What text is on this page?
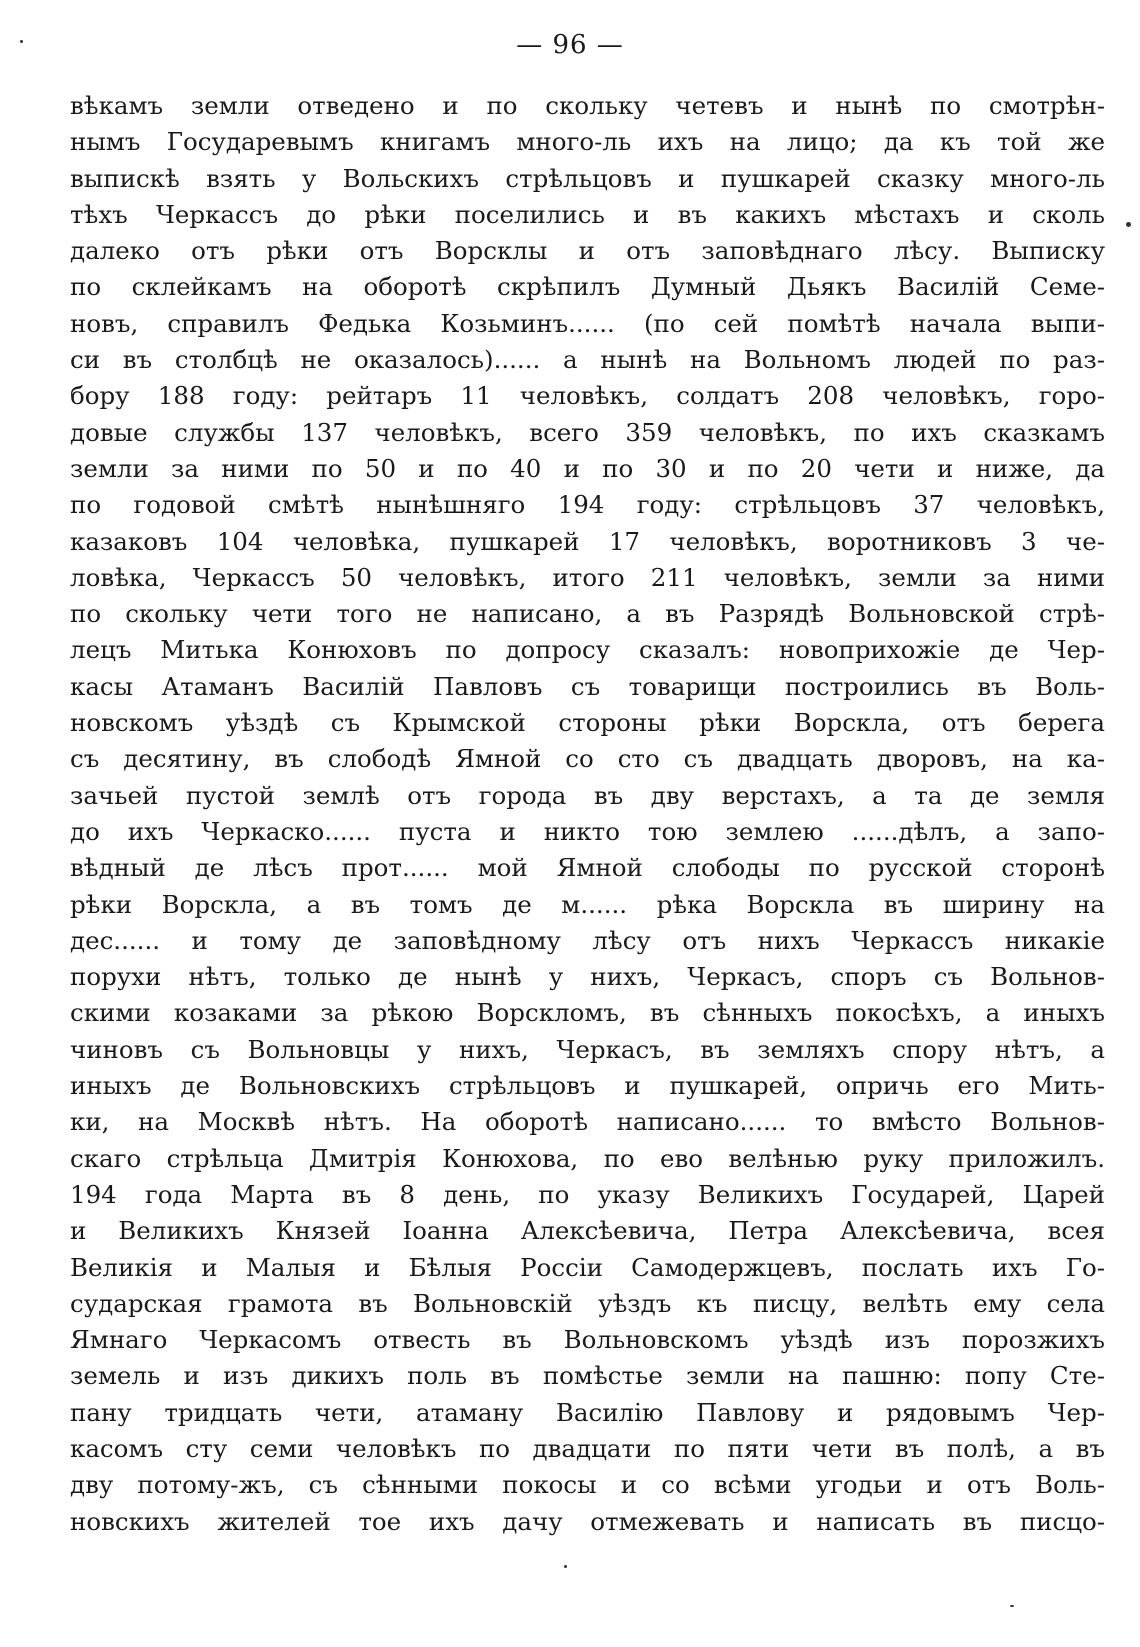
— 96 —
вѣкамъ земли отведено и по скольку четевъ и нынѣ по смотрѣн-
нымъ Государевымъ книгамъ много-ль ихъ на лицо; да къ той же
выпискѣ взять у Вольскихъ стрѣльцовъ и пушкарей сказку много-ль
тѣхъ Черкассъ до рѣки поселились и въ какихъ мѣстахъ и сколь
далеко отъ рѣки отъ Ворсклы и отъ заповѣднаго лѣсу. Выписку
по склейкамъ на оборотѣ скрѣпилъ Думный Дьякъ Василій Семе-
новъ, справилъ Федька Козьминъ...... (по сей помѣтѣ начала выпи-
си въ столбцѣ не оказалось)...... а нынѣ на Вольномъ людей по раз-
бору 188 году: рейтаръ 11 человѣкъ, солдатъ 208 человѣкъ, горо-
довые службы 137 человѣкъ, всего 359 человѣкъ, по ихъ сказкамъ
земли за ними по 50 и по 40 и по 30 и по 20 чети и ниже, да
по годовой смѣтѣ нынѣшняго 194 году: стрѣльцовъ 37 человѣкъ,
казаковъ 104 человѣка, пушкарей 17 человѣкъ, воротниковъ 3 че-
ловѣка, Черкассъ 50 человѣкъ, итого 211 человѣкъ, земли за ними
по скольку чети того не написано, а въ Разрядѣ Вольновской стрѣ-
лецъ Митька Конюховъ по допросу сказалъ: новоприхожіе де Чер-
касы Атаманъ Василій Павловъ съ товарищи построились въ Воль-
новскомъ уѣздѣ съ Крымской стороны рѣки Ворскла, отъ берега
съ десятину, въ слободѣ Ямной со сто съ двадцать дворовъ, на ка-
зачьей пустой землѣ отъ города въ дву верстахъ, а та де земля
до ихъ Черкаско...... пуста и никто тою землею ......дѣлъ, а запо-
вѣдный де лѣсъ прот...... мой Ямной слободы по русской сторонѣ
рѣки Ворскла, а въ томъ де м...... рѣка Ворскла въ ширину на
дес...... и тому де заповѣдному лѣсу отъ нихъ Черкассъ никакіе
порухи нѣтъ, только де нынѣ у нихъ, Черкасъ, споръ съ Вольнов-
скими козаками за рѣкою Ворскломъ, въ сѣнныхъ покосѣхъ, а иныхъ
чиновъ съ Вольновцы у нихъ, Черкасъ, въ земляхъ спору нѣтъ, а
иныхъ де Вольновскихъ стрѣльцовъ и пушкарей, опричь его Мить-
ки, на Москвѣ нѣтъ. На оборотѣ написано...... то вмѣсто Вольнов-
скаго стрѣльца Дмитрія Конюхова, по ево велѣнью руку приложилъ.
194 года Марта въ 8 день, по указу Великихъ Государей, Царей
и Великихъ Князей Іоанна Алексѣевича, Петра Алексѣевича, всея
Великія и Малыя и Бѣлыя Россіи Самодержцевъ, послать ихъ Го-
сударская грамота въ Вольновскій уѣздъ къ писцу, велѣть ему села
Ямнаго Черкасомъ отвесть въ Вольновскомъ уѣздѣ изъ порозжихъ
земель и изъ дикихъ поль въ помѣстье земли на пашню: попу Сте-
пану тридцать чети, атаману Василію Павлову и рядовымъ Чер-
касомъ сту семи человѣкъ по двадцати по пяти чети въ полѣ, а въ
дву потому-жъ, съ сѣнными покосы и со всѣми угодьи и отъ Воль-
новскихъ жителей тое ихъ дачу отмежевать и написать въ писцо-
